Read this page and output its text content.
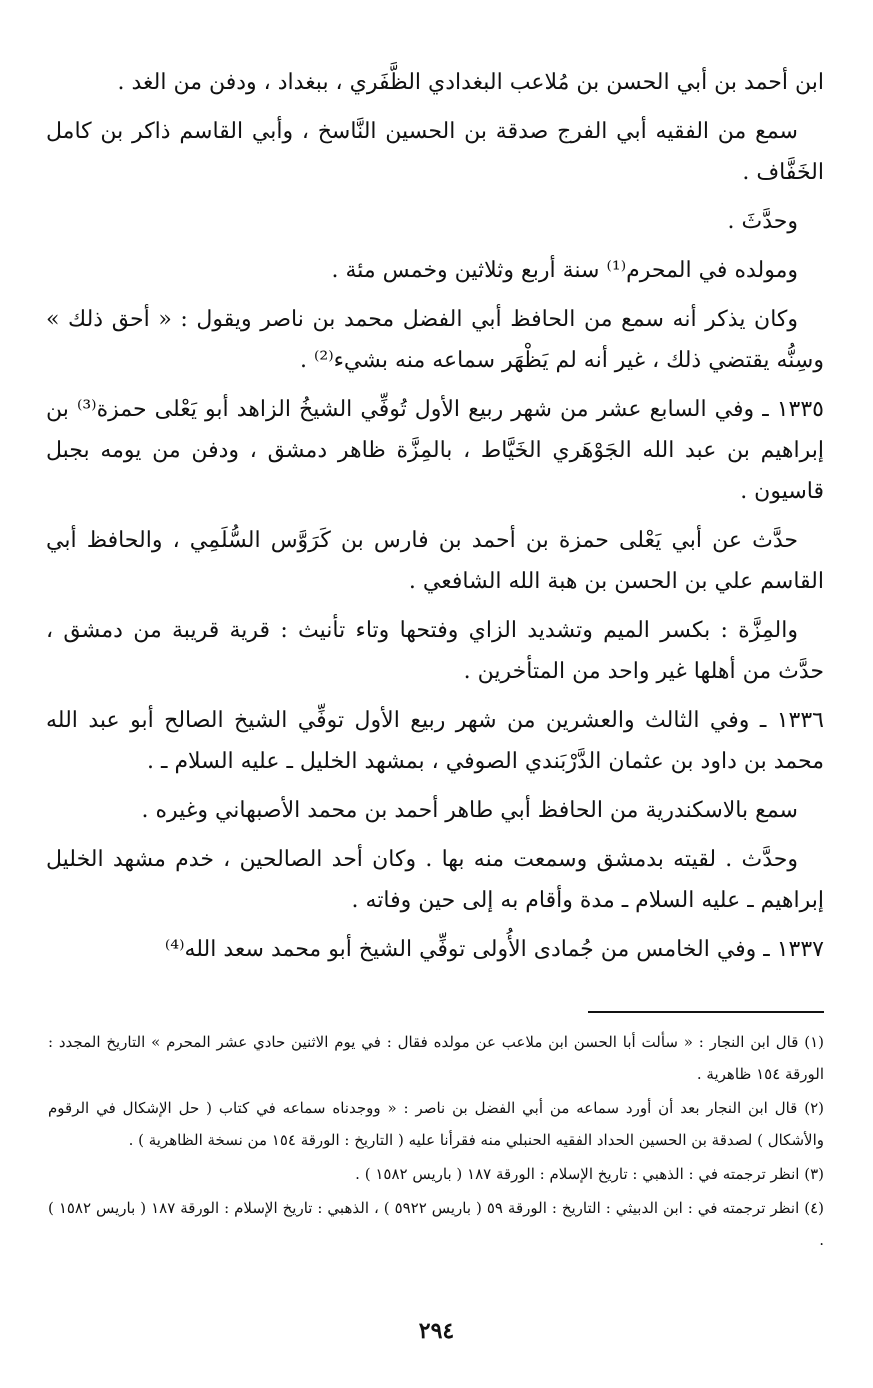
ابن أحمد بن أبي الحسن بن مُلاعب البغدادي الظَّفَري ، ببغداد ، ودفن من الغد .

سمع من الفقيه أبي الفرج صدقة بن الحسين النَّاسخ ، وأبي القاسم ذاكر بن كامل الخَفَّاف .

وحدَّثَ .

ومولده في المحرم⁽¹⁾ سنة أربع وثلاثين وخمس مئة .

وكان يذكر أنه سمع من الحافظ أبي الفضل محمد بن ناصر ويقول : « أحق ذلك » وسِنُّه يقتضي ذلك ، غير أنه لم يَظْهَر سماعه منه بشيء⁽²⁾ .

١٣٣٥ ـ وفي السابع عشر من شهر ربيع الأول تُوفِّي الشيخُ الزاهد أبو يَعْلى حمزة⁽³⁾ بن إبراهيم بن عبد الله الجَوْهَري الخَيَّاط ، بالمِزَّة ظاهر دمشق ، ودفن من يومه بجبل قاسيون .

حدَّث عن أبي يَعْلى حمزة بن أحمد بن فارس بن كَرَوَّس السُّلَمِي ، والحافظ أبي القاسم علي بن الحسن بن هبة الله الشافعي .

والمِزَّة : بكسر الميم وتشديد الزاي وفتحها وتاء تأنيث : قرية قريبة من دمشق ، حدَّث من أهلها غير واحد من المتأخرين .

١٣٣٦ ـ وفي الثالث والعشرين من شهر ربيع الأول توفِّي الشيخ الصالح أبو عبد الله محمد بن داود بن عثمان الدَّرْبَندي الصوفي ، بمشهد الخليل ـ عليه السلام ـ .

سمع بالاسكندرية من الحافظ أبي طاهر أحمد بن محمد الأصبهاني وغيره .

وحدَّث . لقيته بدمشق وسمعت منه بها . وكان أحد الصالحين ، خدم مشهد الخليل إبراهيم ـ عليه السلام ـ مدة وأقام به إلى حين وفاته .

١٣٣٧ ـ وفي الخامس من جُمادى الأُولى توفِّي الشيخ أبو محمد سعد الله⁽⁴⁾

(١) قال ابن النجار : « سألت أبا الحسن ابن ملاعب عن مولده فقال : في يوم الاثنين حادي عشر المحرم » التاريخ المجدد : الورقة ١٥٤ ظاهرية .

(٢) قال ابن النجار بعد أن أورد سماعه من أبي الفضل بن ناصر : « ووجدناه سماعه في كتاب ( حل الإشكال في الرقوم والأشكال ) لصدقة بن الحسين الحداد الفقيه الحنبلي منه فقرأنا عليه ( التاريخ : الورقة ١٥٤ من نسخة الظاهرية ) .

(٣) انظر ترجمته في : الذهبي : تاريخ الإسلام : الورقة ١٨٧ ( باريس ١٥٨٢ ) .

(٤) انظر ترجمته في : ابن الدبيثي : التاريخ : الورقة ٥٩ ( باريس ٥٩٢٢ ) ، الذهبي : تاريخ الإسلام : الورقة ١٨٧ ( باريس ١٥٨٢ ) .

٢٩٤
